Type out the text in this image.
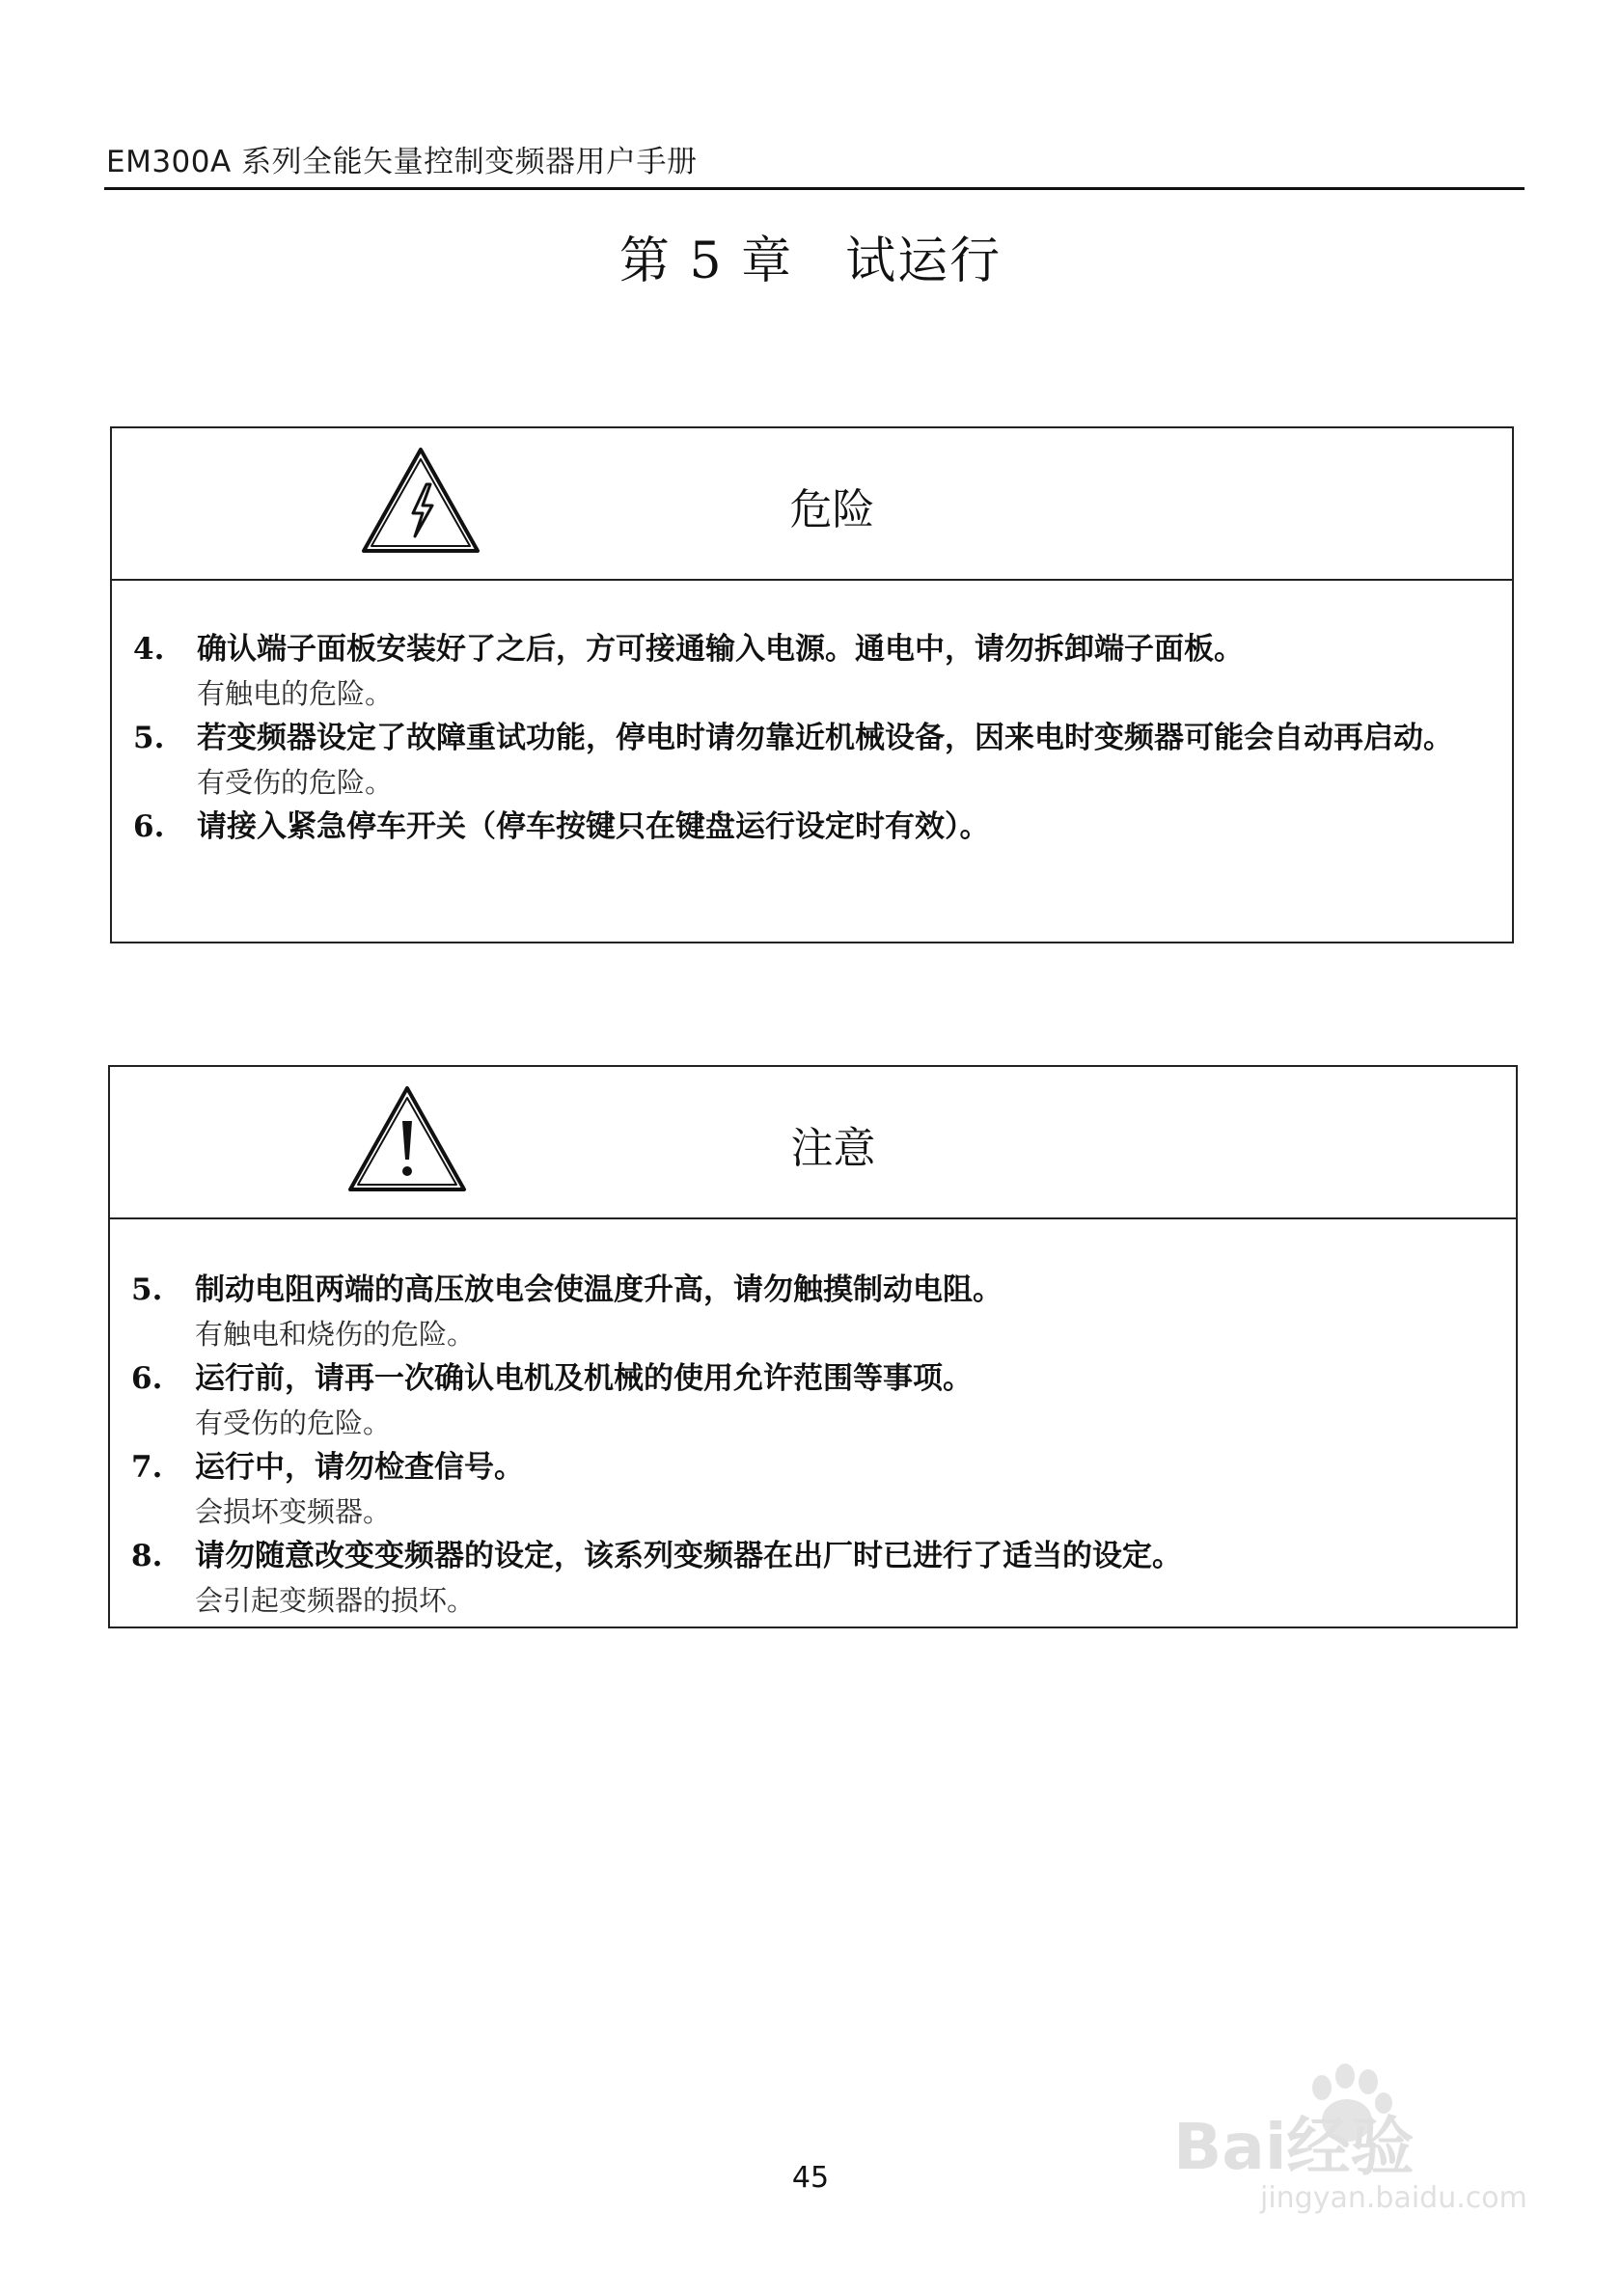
EM300A 系列全能矢量控制变频器用户手册
第 5 章　试运行
危险
4.	确认端子面板安装好了之后，方可接通输入电源。通电中，请勿拆卸端子面板。
有触电的危险。
5.	若变频器设定了故障重试功能，停电时请勿靠近机械设备，因来电时变频器可能会自动再启动。
有受伤的危险。
6.	请接入紧急停车开关（停车按键只在键盘运行设定时有效）。
注意
5.	制动电阻两端的高压放电会使温度升高，请勿触摸制动电阻。
有触电和烧伤的危险。
6.	运行前，请再一次确认电机及机械的使用允许范围等事项。
有受伤的危险。
7.	运行中，请勿检查信号。
会损坏变频器。
8.	请勿随意改变变频器的设定，该系列变频器在出厂时已进行了适当的设定。
会引起变频器的损坏。
45	Bai经验
jingyan.baidu.com
